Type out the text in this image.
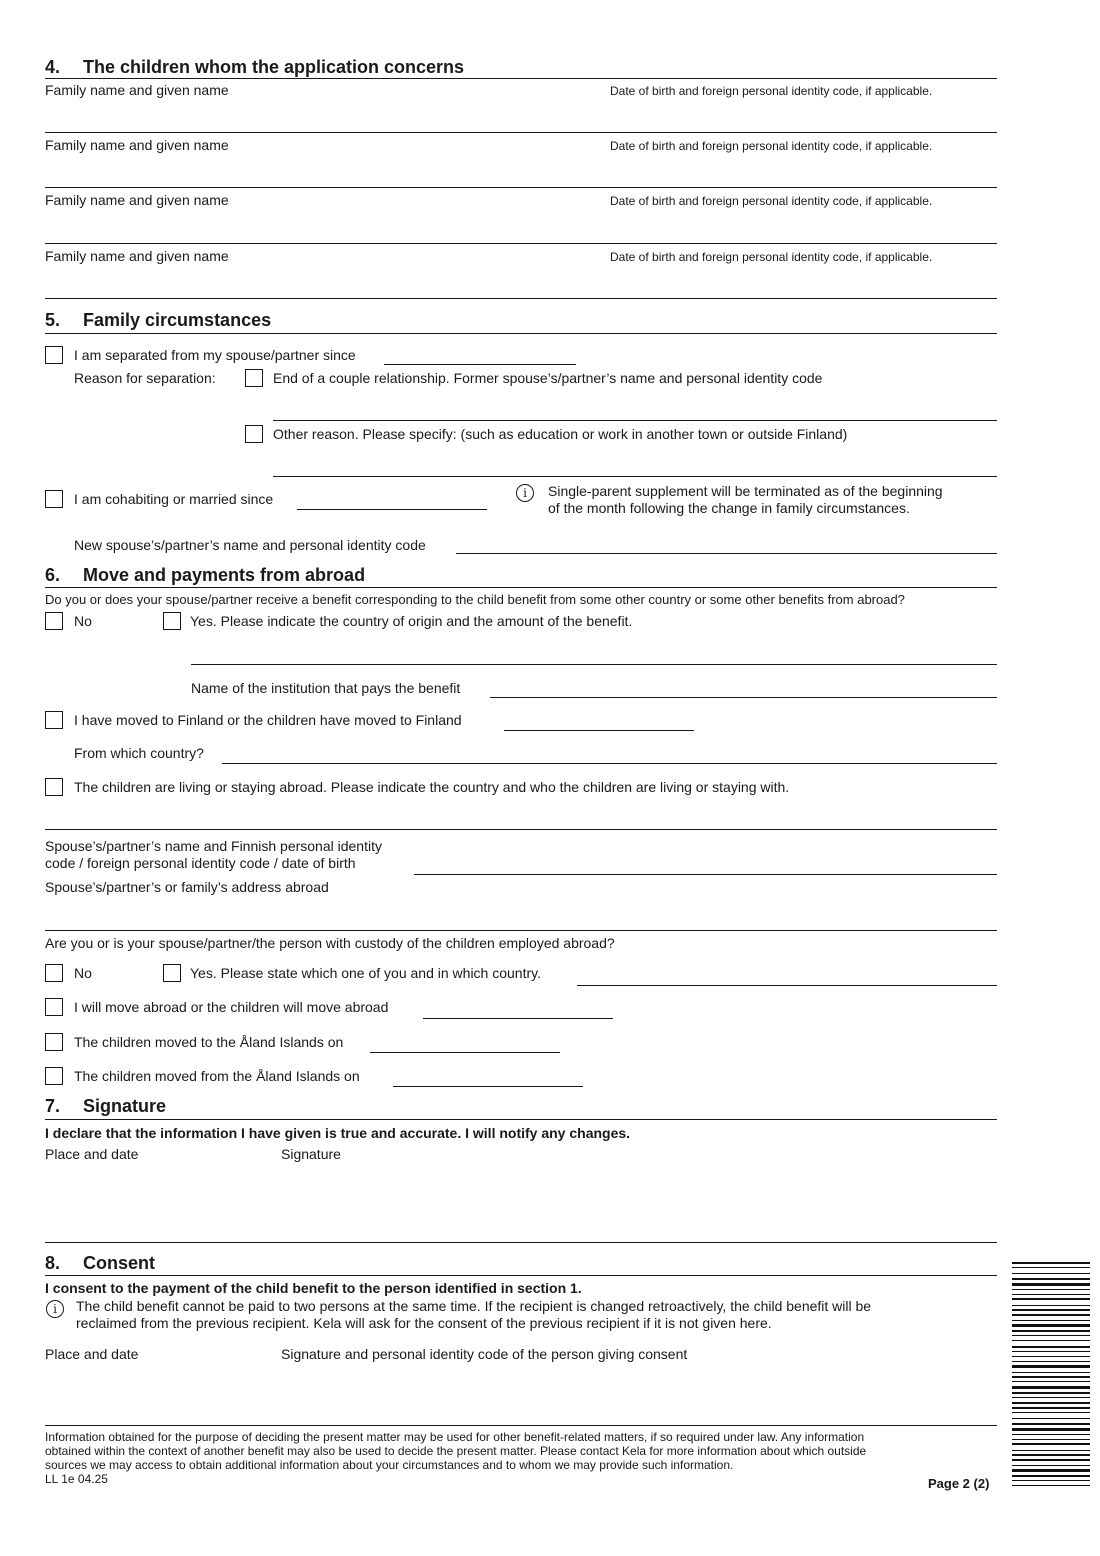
4. The children whom the application concerns
Family name and given name	Date of birth and foreign personal identity code, if applicable.
Family name and given name	Date of birth and foreign personal identity code, if applicable.
Family name and given name	Date of birth and foreign personal identity code, if applicable.
Family name and given name	Date of birth and foreign personal identity code, if applicable.
5. Family circumstances
I am separated from my spouse/partner since
Reason for separation:	End of a couple relationship. Former spouse’s/partner’s name and personal identity code
Other reason. Please specify: (such as education or work in another town or outside Finland)
I am cohabiting or married since	i	Single-parent supplement will be terminated as of the beginning
of the month following the change in family circumstances.
New spouse’s/partner’s name and personal identity code
6. Move and payments from abroad
Do you or does your spouse/partner receive a benefit corresponding to the child benefit from some other country or some other benefits from abroad?
No	Yes. Please indicate the country of origin and the amount of the benefit.
Name of the institution that pays the benefit
I have moved to Finland or the children have moved to Finland
From which country?
The children are living or staying abroad. Please indicate the country and who the children are living or staying with.
Spouse’s/partner’s name and Finnish personal identity
code / foreign personal identity code / date of birth
Spouse’s/partner’s or family’s address abroad
Are you or is your spouse/partner/the person with custody of the children employed abroad?
No	Yes. Please state which one of you and in which country.
I will move abroad or the children will move abroad
The children moved to the Åland Islands on
The children moved from the Åland Islands on
7. Signature
I declare that the information I have given is true and accurate. I will notify any changes.
Place and date	Signature
8. Consent
I consent to the payment of the child benefit to the person identified in section 1.
i	The child benefit cannot be paid to two persons at the same time. If the recipient is changed retroactively, the child benefit will be
reclaimed from the previous recipient. Kela will ask for the consent of the previous recipient if it is not given here.
Place and date	Signature and personal identity code of the person giving consent
Information obtained for the purpose of deciding the present matter may be used for other benefit-related matters, if so required under law. Any information
obtained within the context of another benefit may also be used to decide the present matter. Please contact Kela for more information about which outside
sources we may access to obtain additional information about your circumstances and to whom we may provide such information.
LL 1e 04.25	Page 2 (2)
